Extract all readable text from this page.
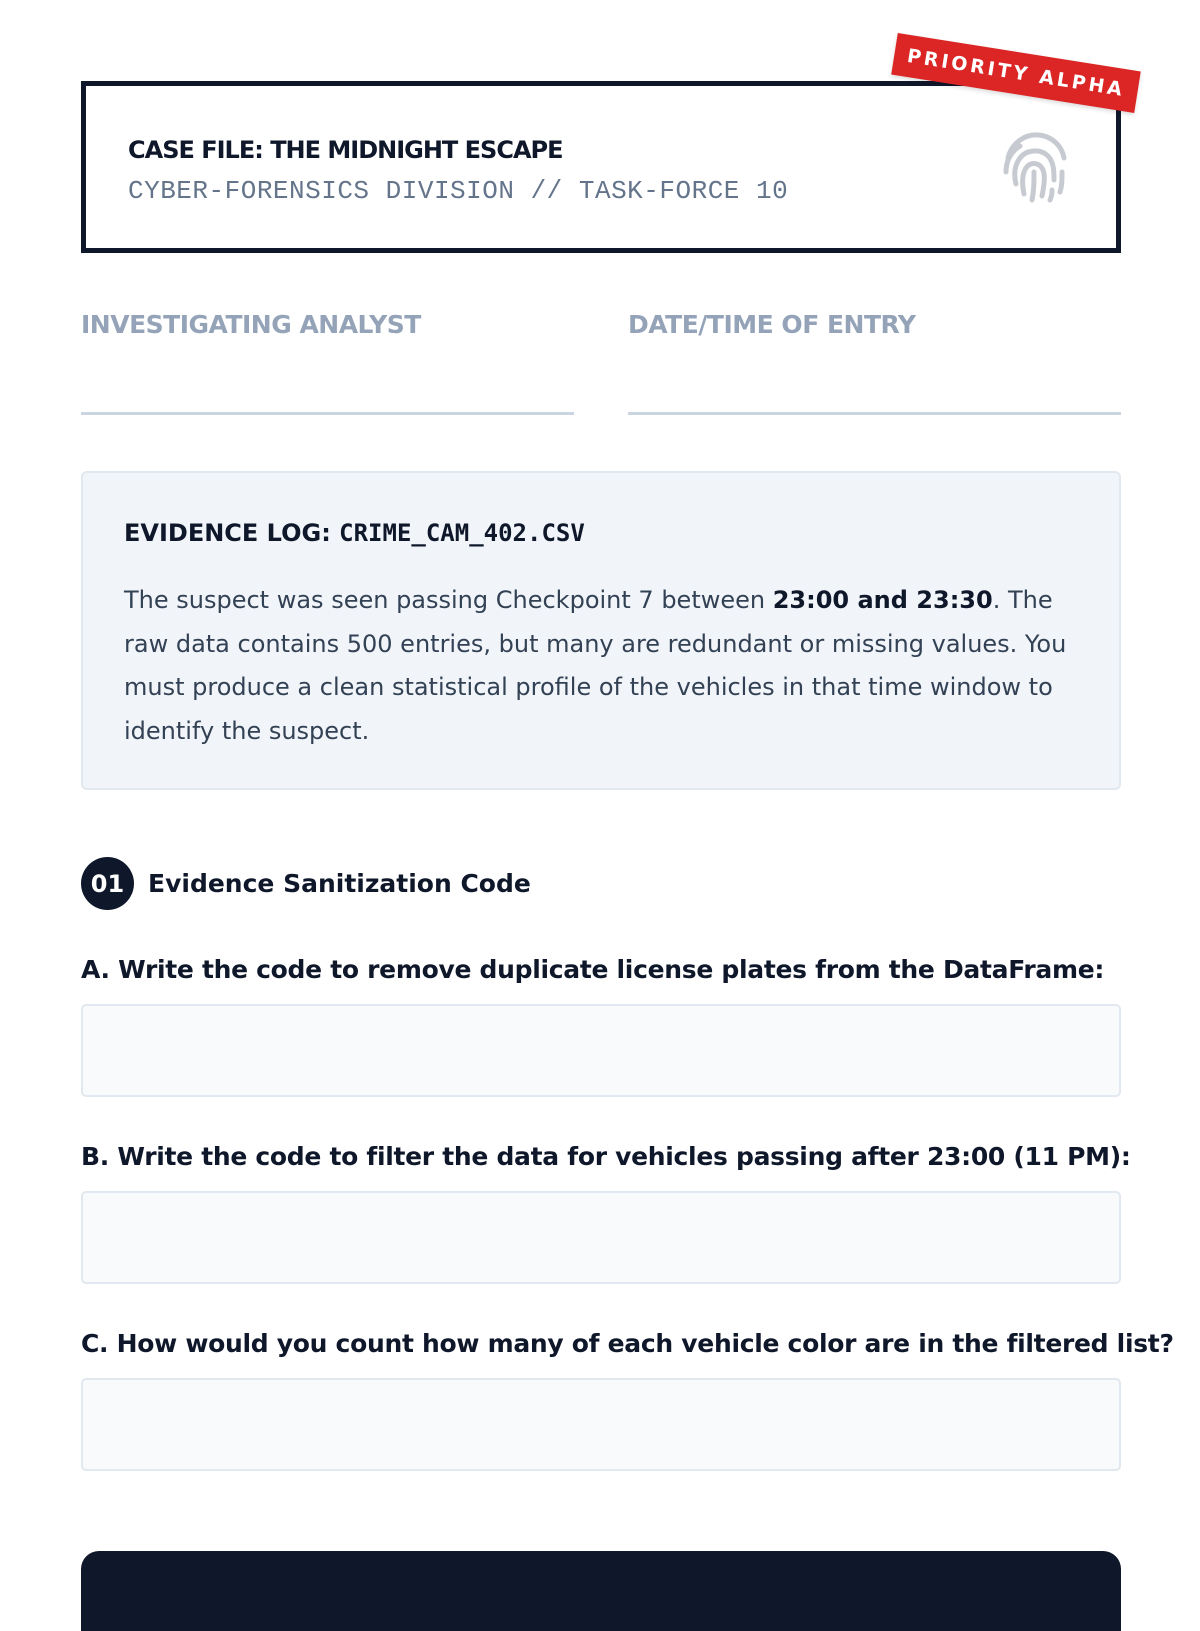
CASE FILE: THE MIDNIGHT ESCAPE
CYBER-FORENSICS DIVISION // TASK-FORCE 10
PRIORITY ALPHA
INVESTIGATING ANALYST	DATE/TIME OF ENTRY
EVIDENCE LOG: CRIME_CAM_402.CSV
The suspect was seen passing Checkpoint 7 between 23:00 and 23:30. The raw data contains 500 entries, but many are redundant or missing values. You must produce a clean statistical profile of the vehicles in that time window to identify the suspect.
01 Evidence Sanitization Code
A. Write the code to remove duplicate license plates from the DataFrame:
B. Write the code to filter the data for vehicles passing after 23:00 (11 PM):
C. How would you count how many of each vehicle color are in the filtered list?
